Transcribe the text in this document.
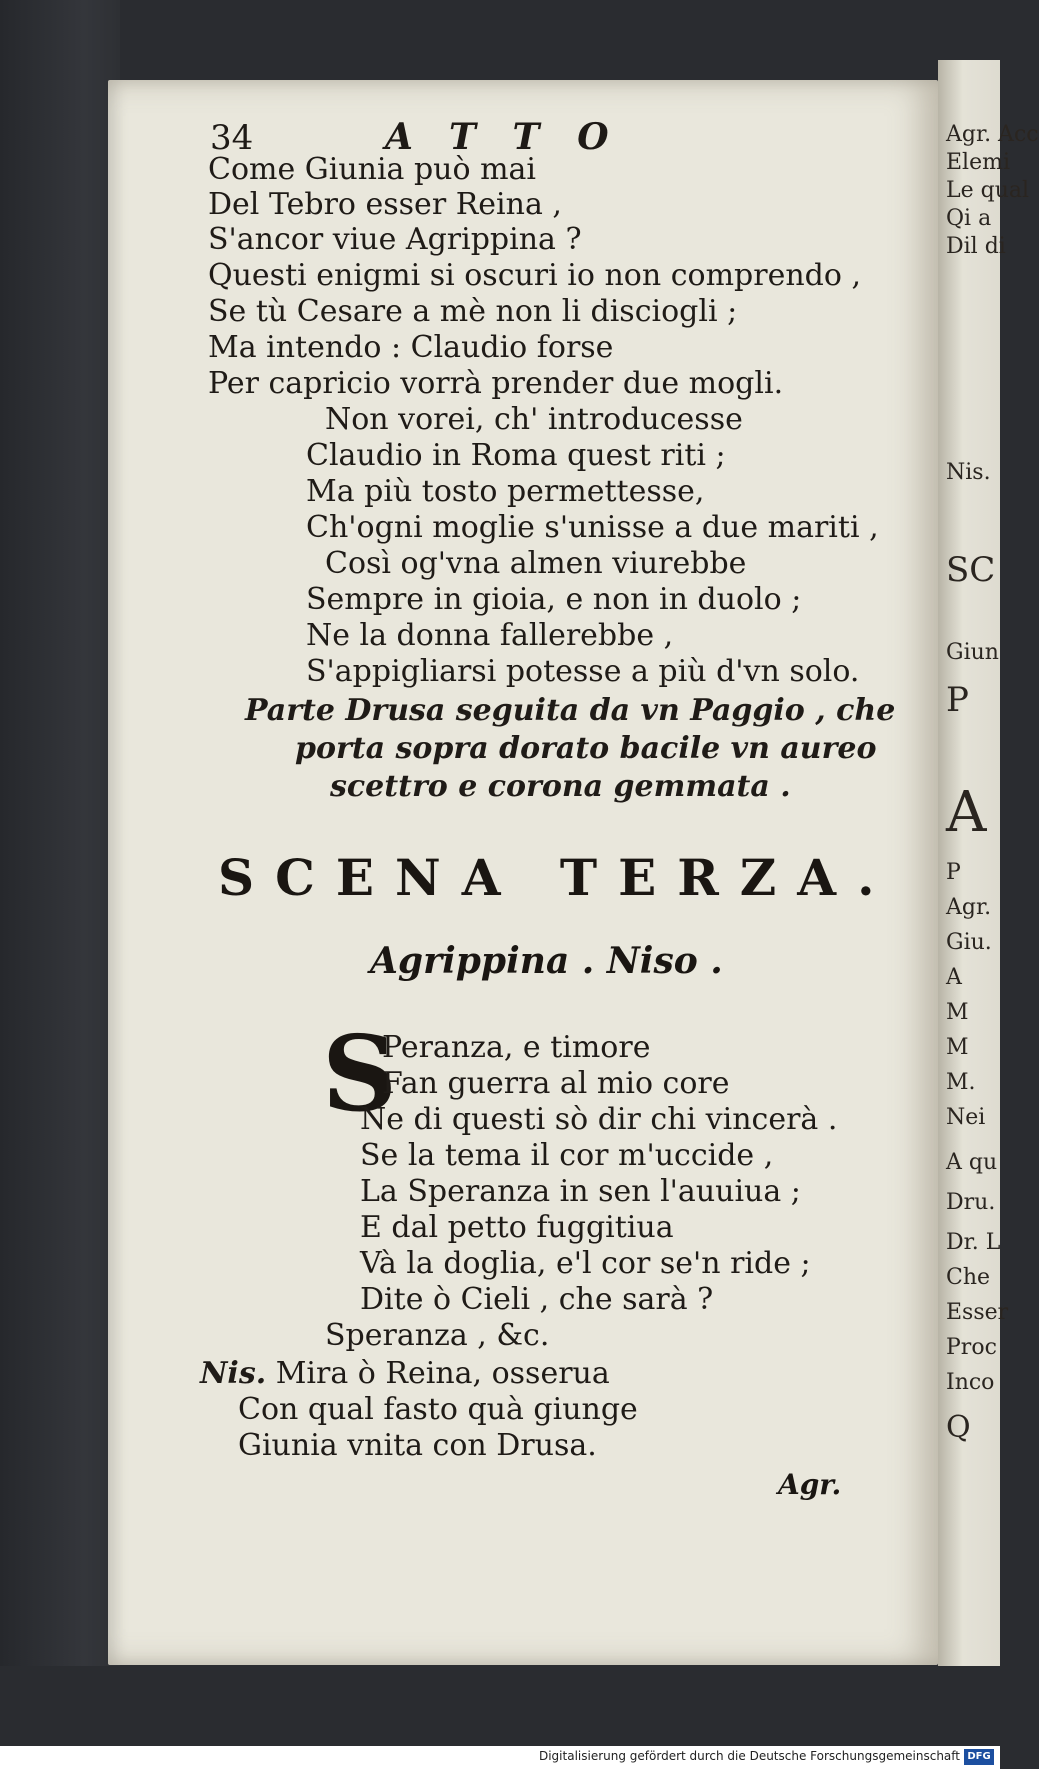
Agr. Acc
Elemi
Le qual
Qi a
Dil di
Nis.
SC
Giun
P
A
P
Agr.
Giu.
A
M
M
M.
Nei
A qu
Dru.
Dr. L
Che
Esser
Proc
Inco
Q
34	ATTO
Come Giunia può mai
Del Tebro esser Reina ,
S'ancor viue Agrippina ?
Questi enigmi si oscuri io non comprendo ,
Se tù Cesare a mè non li disciogli ;
Ma intendo : Claudio forse
Per capricio vorrà prender due mogli.
Non vorei, ch' introducesse
Claudio in Roma quest riti ;
Ma più tosto permettesse,
Ch'ogni moglie s'unisse a due mariti ,
Così og'vna almen viurebbe
Sempre in gioia, e non in duolo ;
Ne la donna fallerebbe ,
S'appigliarsi potesse a più d'vn solo.
Parte Drusa seguita da vn Paggio , che
porta sopra dorato bacile vn aureo
scettro e corona gemmata .
SCENA TERZA.
Agrippina . Niso .
S
Peranza, e timore
Fan guerra al mio core
Ne di questi sò dir chi vincerà .
Se la tema il cor m'uccide ,
La Speranza in sen l'auuiua ;
E dal petto fuggitiua
Và la doglia, e'l cor se'n ride ;
Dite ò Cieli , che sarà ?
Speranza , &c.
Nis. Mira ò Reina, osserua
Con qual fasto quà giunge
Giunia vnita con Drusa.
Agr.
Digitalisierung gefördert durch die Deutsche Forschungsgemeinschaft DFG
